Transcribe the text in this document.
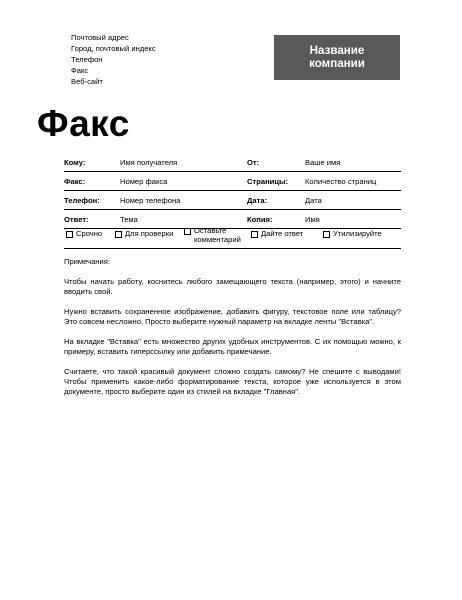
Почтовый адрес
Город, почтовый индекс
Телефон
Факс
Веб-сайт
Название
компании
Факс
Кому:	Имя получателя	От:	Ваше имя
Факс:	Номер факса	Страницы: Количество страниц
Телефон:	Номер телефона	Дата:	Дата
Ответ:	Тема	Копия:	Имя
Срочно	Для проверки	Оставьте комментарий
Дайте ответ	Утилизируйте

Примечания:

Чтобы начать работу, коснитесь любого замещающего текста (например, этого) и начните вводить свой.

Нужно вставить сохраненное изображение, добавить фигуру, текстовое поле или таблицу? Это совсем несложно. Просто выберите нужный параметр на вкладке ленты "Вставка".

На вкладке "Вставка" есть множество других удобных инструментов. С их помощью можно, к примеру, вставить гиперссылку или добавить примечание.

Считаете, что такой красивый документ сложно создать самому? Не спешите с выводами! Чтобы применить какое-либо форматирование текста, которое уже используется в этом документе, просто выберите один из стилей на вкладке "Главная".
